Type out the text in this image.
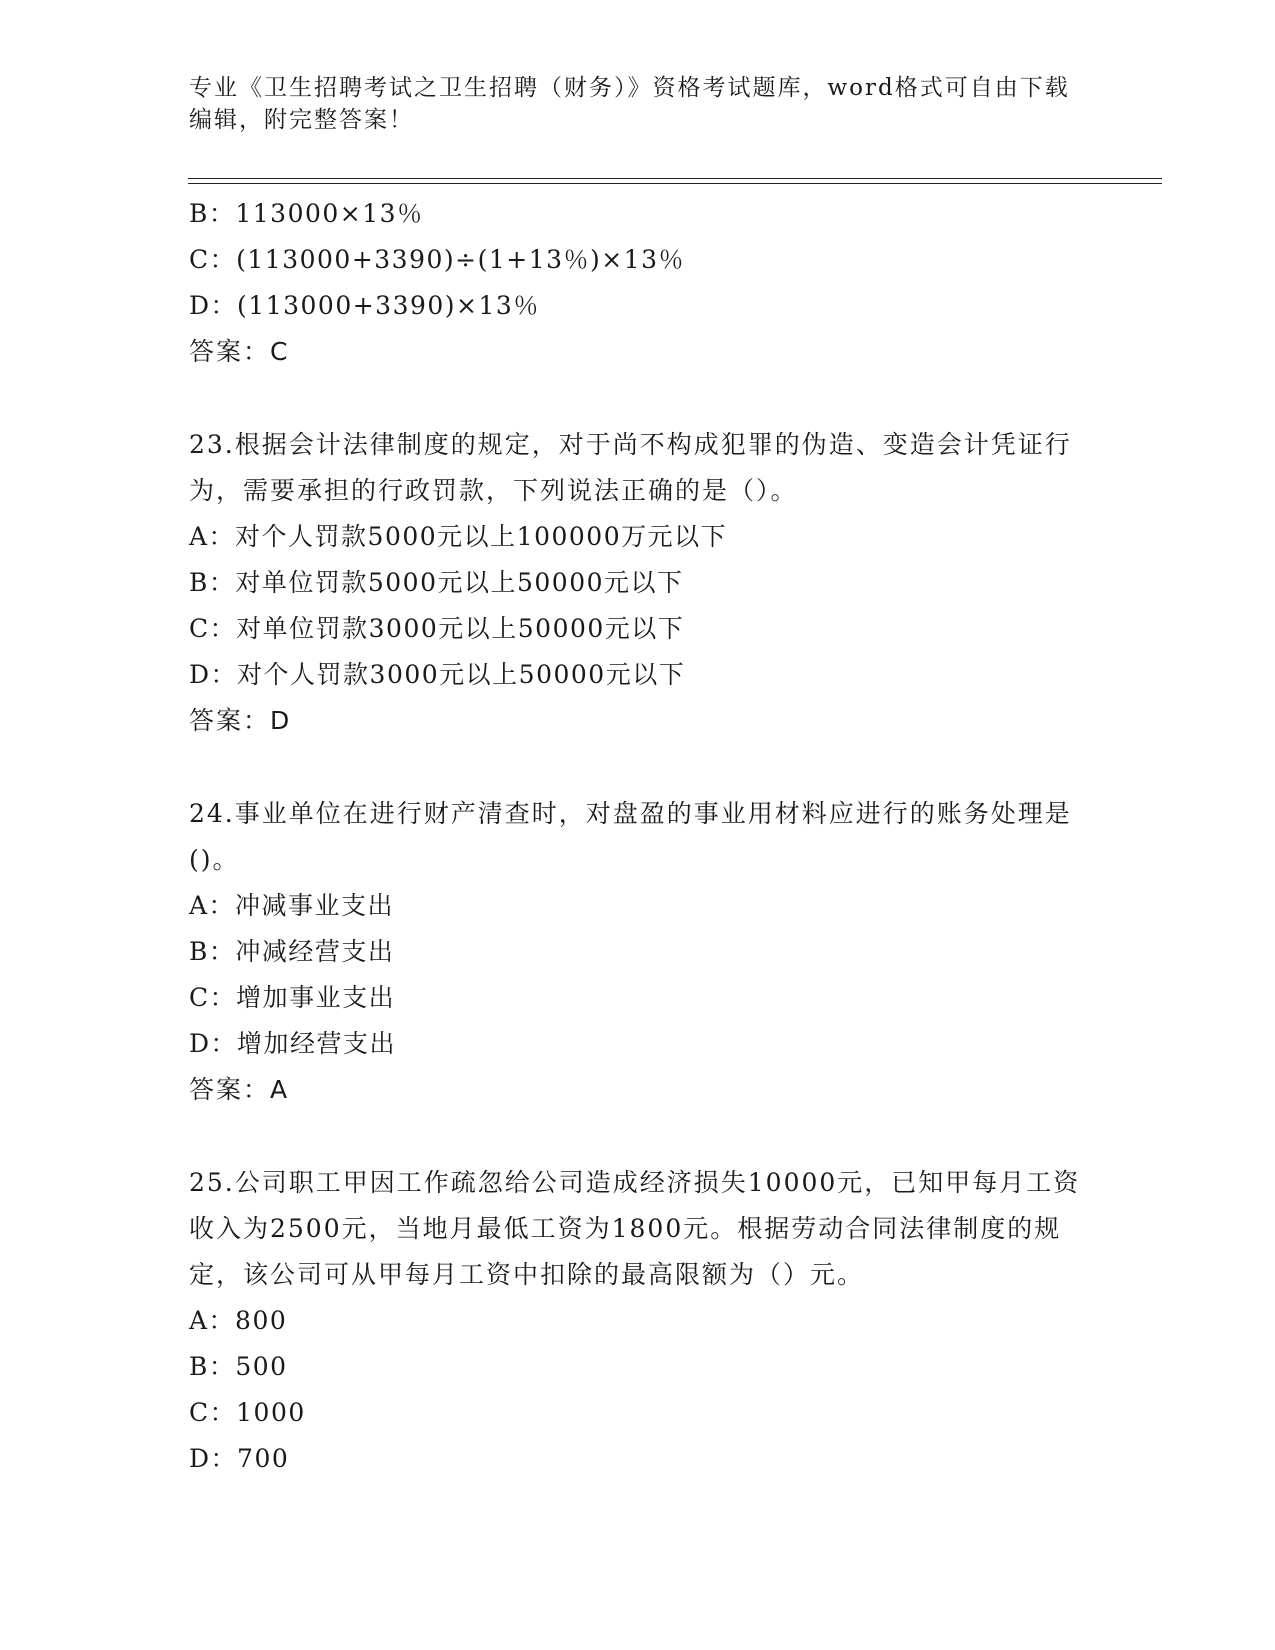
专业《卫生招聘考试之卫生招聘（财务）》资格考试题库，word格式可自由下载编辑，附完整答案！
B：113000×13％
C：(113000+3390)÷(1+13％)×13％
D：(113000+3390)×13％
答案：C
23.根据会计法律制度的规定，对于尚不构成犯罪的伪造、变造会计凭证行为，需要承担的行政罚款，下列说法正确的是（）。
A：对个人罚款5000元以上100000万元以下
B：对单位罚款5000元以上50000元以下
C：对单位罚款3000元以上50000元以下
D：对个人罚款3000元以上50000元以下
答案：D
24.事业单位在进行财产清查时，对盘盈的事业用材料应进行的账务处理是()。
A：冲减事业支出
B：冲减经营支出
C：增加事业支出
D：增加经营支出
答案：A
25.公司职工甲因工作疏忽给公司造成经济损失10000元，已知甲每月工资收入为2500元，当地月最低工资为1800元。根据劳动合同法律制度的规定，该公司可从甲每月工资中扣除的最高限额为（）元。
A：800
B：500
C：1000
D：700
